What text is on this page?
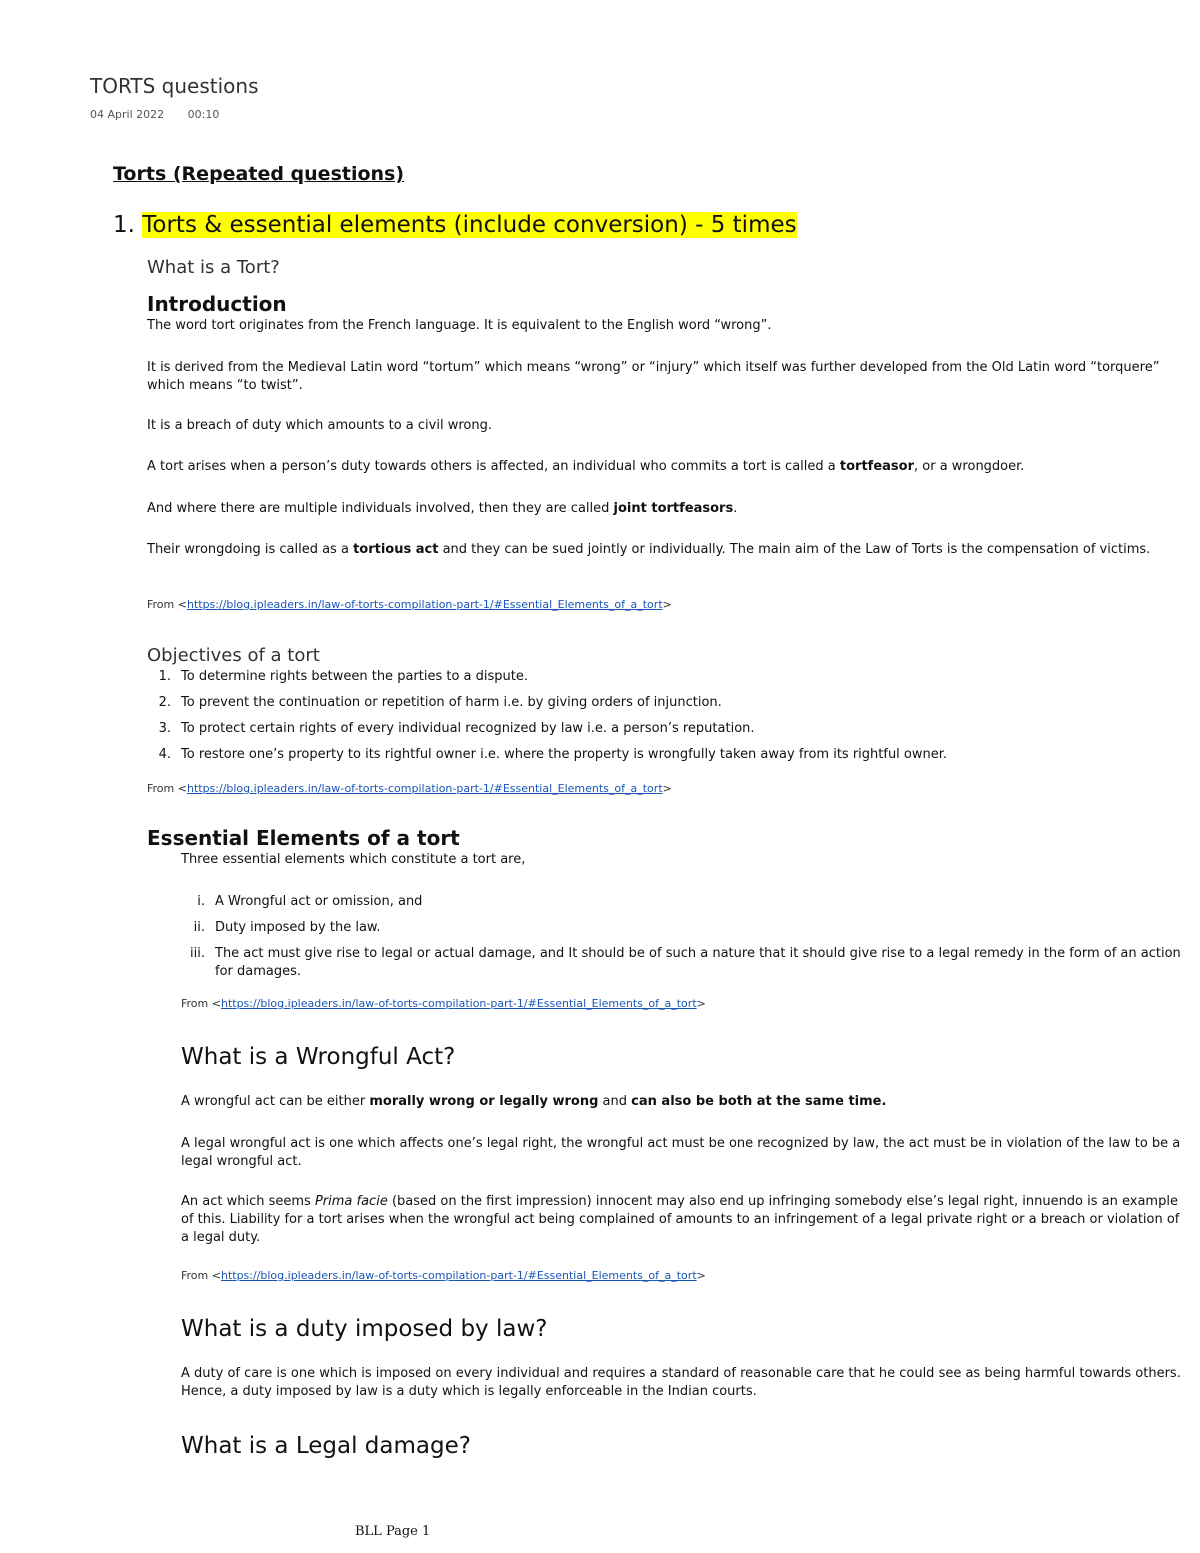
TORTS questions
04 April 2022 00:10
Torts (Repeated questions)
1. Torts & essential elements (include conversion) - 5 times
What is a Tort?
Introduction

The word tort originates from the French language. It is equivalent to the English word “wrong”.

It is derived from the Medieval Latin word “tortum” which means “wrong” or “injury” which itself was further developed from the Old Latin word “torquere” which means “to twist”.

It is a breach of duty which amounts to a civil wrong.

A tort arises when a person’s duty towards others is affected, an individual who commits a tort is called a tortfeasor, or a wrongdoer.

And where there are multiple individuals involved, then they are called joint tortfeasors.

Their wrongdoing is called as a tortious act and they can be sued jointly or individually. The main aim of the Law of Torts is the compensation of victims.

From <https://blog.ipleaders.in/law-of-torts-compilation-part-1/#Essential_Elements_of_a_tort>
Objectives of a tort
1. To determine rights between the parties to a dispute.
2. To prevent the continuation or repetition of harm i.e. by giving orders of injunction.
3. To protect certain rights of every individual recognized by law i.e. a person’s reputation.
4. To restore one’s property to its rightful owner i.e. where the property is wrongfully taken away from its rightful owner.
From <https://blog.ipleaders.in/law-of-torts-compilation-part-1/#Essential_Elements_of_a_tort>
Essential Elements of a tort

Three essential elements which constitute a tort are,

i. A Wrongful act or omission, and
ii. Duty imposed by the law.
iii. The act must give rise to legal or actual damage, and It should be of such a nature that it should give rise to a legal remedy in the form of an action for damages.
From <https://blog.ipleaders.in/law-of-torts-compilation-part-1/#Essential_Elements_of_a_tort>
What is a Wrongful Act?

A wrongful act can be either morally wrong or legally wrong and can also be both at the same time.

A legal wrongful act is one which affects one’s legal right, the wrongful act must be one recognized by law, the act must be in violation of the law to be a legal wrongful act.

An act which seems Prima facie (based on the first impression) innocent may also end up infringing somebody else’s legal right, innuendo is an example of this. Liability for a tort arises when the wrongful act being complained of amounts to an infringement of a legal private right or a breach or violation of a legal duty.

From <https://blog.ipleaders.in/law-of-torts-compilation-part-1/#Essential_Elements_of_a_tort>
What is a duty imposed by law?

A duty of care is one which is imposed on every individual and requires a standard of reasonable care that he could see as being harmful towards others. Hence, a duty imposed by law is a duty which is legally enforceable in the Indian courts.

What is a Legal damage?
BLL Page 1
